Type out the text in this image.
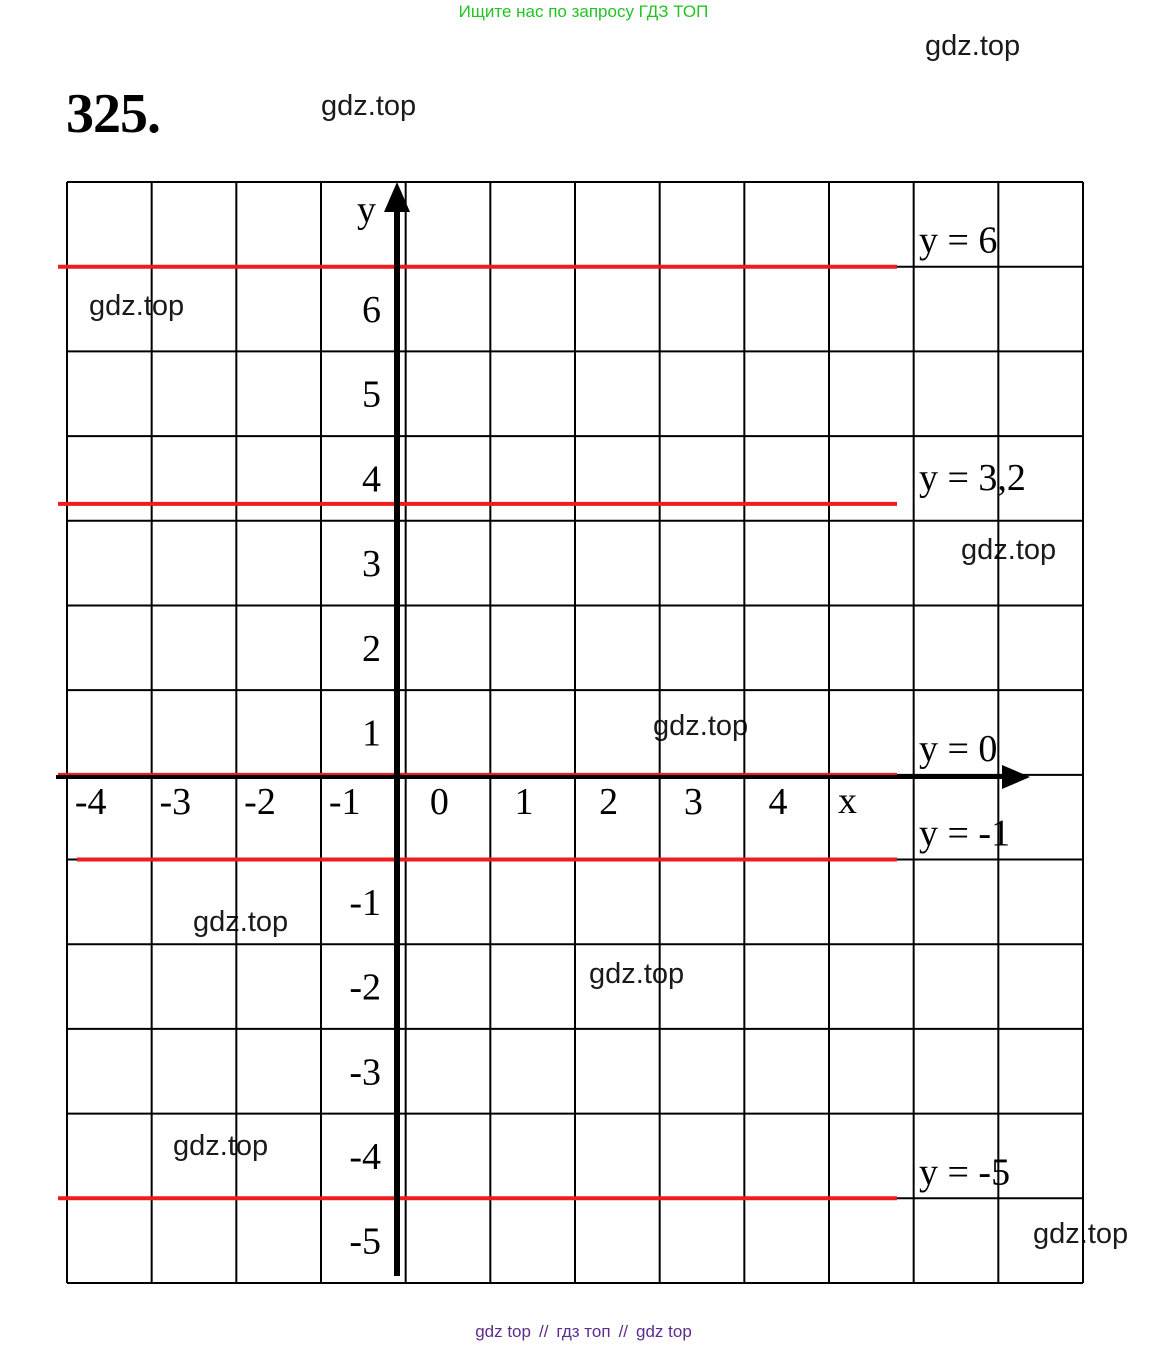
Ищите нас по запросу ГДЗ ТОП
325.
gdz.top
gdz.top
gdz.top
gdz.top
gdz.top
gdz.top
gdz.top
gdz.top
gdz.top
y = 6
y = 3,2
y = 0
y = -1
y = -5
y
x
-4 -3 -2 -1 0 1 2 3 4
6
5
4
3
2
1
-1
-2
-3
-4
-5
gdz top // гдз топ // gdz top
